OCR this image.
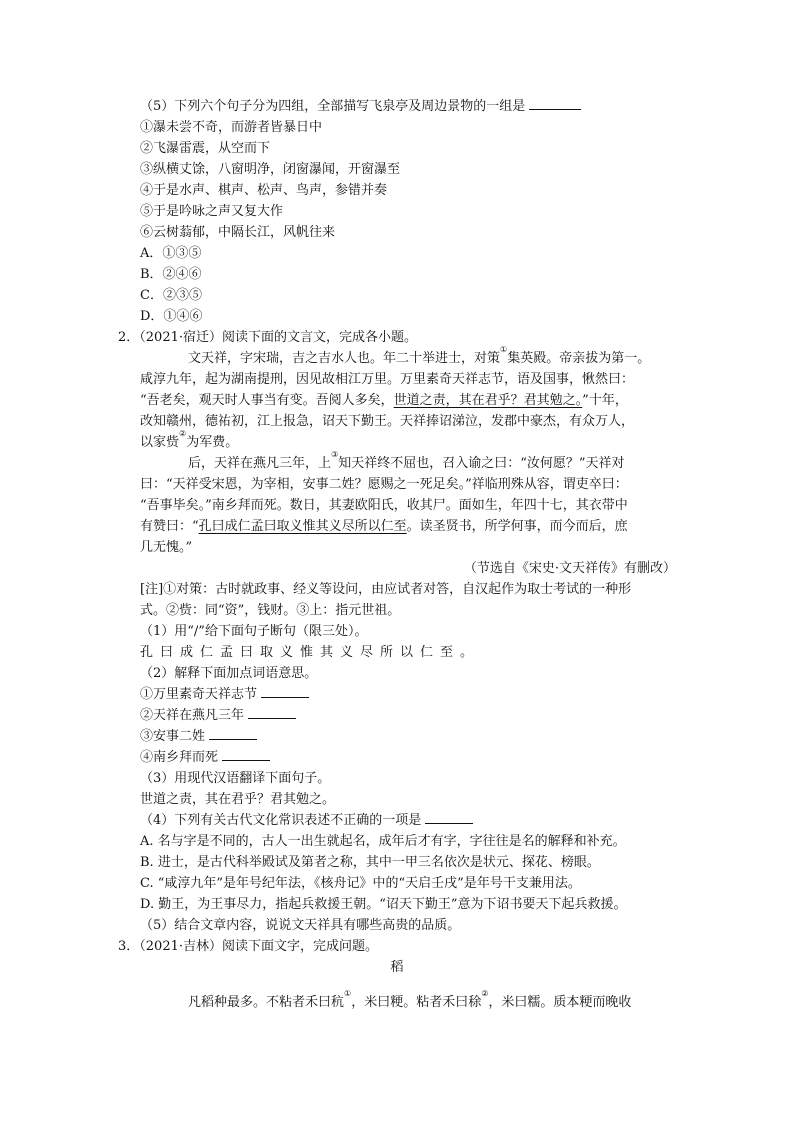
（5）下列六个句子分为四组，全部描写飞泉亭及周边景物的一组是
①瀑未尝不奇，而游者皆暴日中
②飞瀑雷震，从空而下
③纵横丈馀，八窗明净，闭窗瀑闻，开窗瀑至
④于是水声、棋声、松声、鸟声，参错并奏
⑤于是吟咏之声又复大作
⑥云树蓊郁，中隔长江，风帆往来
A．①③⑤
B．②④⑥
C．②③⑤
D．①④⑥
2．（2021·宿迁）阅读下面的文言文，完成各小题。
文天祥，字宋瑞，吉之吉水人也。年二十举进士，对策①集英殿。帝亲拔为第一。
咸淳九年，起为湖南提刑，因见故相江万里。万里素奇天祥志节，语及国事，愀然曰：
“吾老矣，观天时人事当有变。吾阅人多矣，世道之责，其在君乎？君其勉之。”十年，
改知赣州，德祐初，江上报急，诏天下勤王。天祥捧诏涕泣，发郡中豪杰，有众万人，
以家赀②为军费。
后，天祥在燕凡三年，上③知天祥终不屈也，召入谕之曰：“汝何愿？”天祥对
曰：“天祥受宋恩，为宰相，安事二姓？愿赐之一死足矣。”祥临刑殊从容，谓吏卒曰：
“吾事毕矣。”南乡拜而死。数日，其妻欧阳氏，收其尸。面如生，年四十七，其衣带中
有赞曰：“孔曰成仁孟曰取义惟其义尽所以仁至。读圣贤书，所学何事，而今而后，庶
几无愧。”
（节选自《宋史·文天祥传》有删改）
[注]①对策：古时就政事、经义等设问，由应试者对答，自汉起作为取士考试的一种形
式。②赀：同“资”，钱财。③上：指元世祖。
（1）用“/”给下面句子断句（限三处）。
孔曰成仁孟曰取义惟其义尽所以仁至。
（2）解释下面加点词语意思。
①万里素奇天祥志节
②天祥在燕凡三年
③安事二姓
④南乡拜而死
（3）用现代汉语翻译下面句子。
世道之责，其在君乎？君其勉之。
（4）下列有关古代文化常识表述不正确的一项是
A. 名与字是不同的，古人一出生就起名，成年后才有字，字往往是名的解释和补充。
B. 进士，是古代科举殿试及第者之称，其中一甲三名依次是状元、探花、榜眼。
C. “咸淳九年”是年号纪年法，《核舟记》中的“天启壬戌”是年号干支兼用法。
D. 勤王，为王事尽力，指起兵救援王朝。“诏天下勤王”意为下诏书要天下起兵救援。
（5）结合文章内容，说说文天祥具有哪些高贵的品质。
3．（2021·吉林）阅读下面文字，完成问题。
稻
凡稻种最多。不粘者禾曰秔①，米曰粳。粘者禾曰稌②，米曰糯。质本粳而晚收
